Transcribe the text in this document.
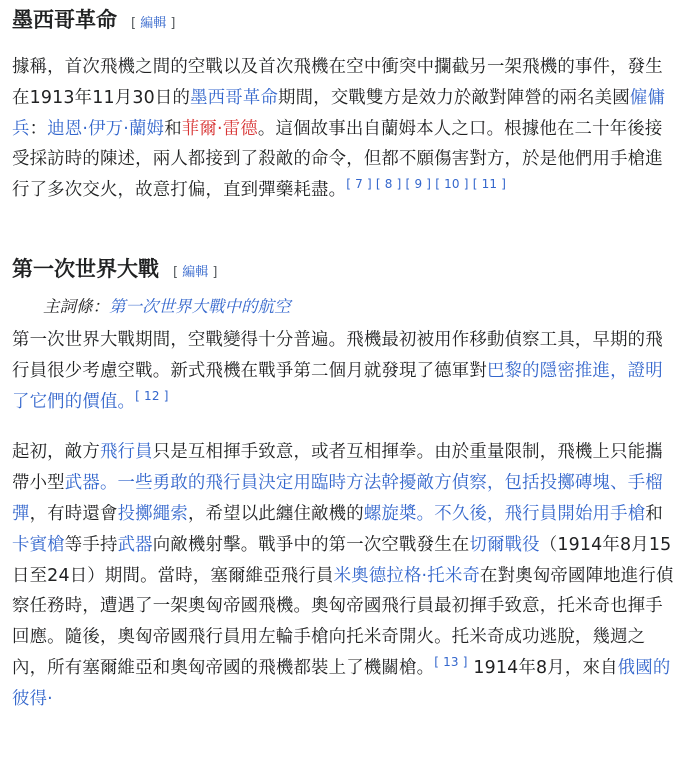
墨西哥革命 [ 編輯 ]

據稱，首次飛機之間的空戰以及首次飛機在空中衝突中攔截另一架飛機的事件，發生在1913年11月30日的墨西哥革命期間，交戰雙方是效力於敵對陣營的兩名美國僱傭兵：迪恩·伊万·蘭姆和菲爾·雷德。這個故事出自蘭姆本人之口。根據他在二十年後接受採訪時的陳述，兩人都接到了殺敵的命令，但都不願傷害對方，於是他們用手槍進行了多次交火，故意打偏，直到彈藥耗盡。[ 7 ] [ 8 ] [ 9 ] [ 10 ] [ 11 ]

第一次世界大戰 [ 編輯 ]
主詞條：第一次世界大戰中的航空

第一次世界大戰期間，空戰變得十分普遍。飛機最初被用作移動偵察工具，早期的飛行員很少考慮空戰。新式飛機在戰爭第二個月就發現了德軍對巴黎的隱密推進，證明了它們的價值。[ 12 ]

起初，敵方飛行員只是互相揮手致意，或者互相揮拳。由於重量限制，飛機上只能攜帶小型武器。一些勇敢的飛行員決定用臨時方法幹擾敵方偵察，包括投擲磚塊、手榴彈，有時還會投擲繩索，希望以此纏住敵機的螺旋槳。不久後，飛行員開始用手槍和卡賓槍等手持武器向敵機射擊。戰爭中的第一次空戰發生在切爾戰役（1914年8月15日至24日）期間。當時，塞爾維亞飛行員米奧德拉格·托米奇在對奧匈帝國陣地進行偵察任務時，遭遇了一架奧匈帝國飛機。奧匈帝國飛行員最初揮手致意，托米奇也揮手回應。隨後，奧匈帝國飛行員用左輪手槍向托米奇開火。托米奇成功逃脫，幾週之內，所有塞爾維亞和奧匈帝國的飛機都裝上了機關槍。[ 13 ] 1914年8月，來自俄國的彼得·
